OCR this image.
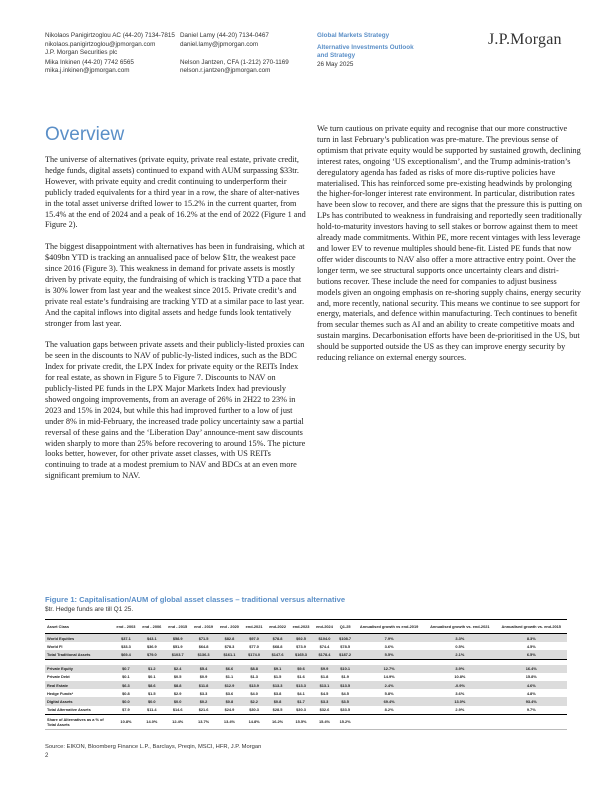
Nikolaos Panigirtzoglou AC (44-20) 7134-7815
nikolaos.panigirtzoglou@jpmorgan.com
J.P. Morgan Securities plc
Mika Inkinen (44-20) 7742 6565
mika.j.inkinen@jpmorgan.com
Daniel Lamy (44-20) 7134-0467
daniel.lamy@jpmorgan.com
Nelson Jantzen, CFA (1-212) 270-1169
nelson.r.jantzen@jpmorgan.com
Global Markets Strategy
Alternative Investments Outlook
and Strategy
26 May 2025
J.P.Morgan
Overview

The universe of alternatives (private equity, private real estate, private credit, hedge funds, digital assets) continued to expand with AUM surpassing $33tr. However, with private equity and credit continuing to underperform their publicly traded equivalents for a third year in a row, the share of alter-natives in the total asset universe drifted lower to 15.2% in the current quarter, from 15.4% at the end of 2024 and a peak of 16.2% at the end of 2022 (Figure 1 and Figure 2).

The biggest disappointment with alternatives has been in fundraising, which at $409bn YTD is tracking an annualised pace of below $1tr, the weakest pace since 2016 (Figure 3). This weakness in demand for private assets is mostly driven by private equity, the fundraising of which is tracking YTD a pace that is 30% lower from last year and the weakest since 2015. Private credit’s and private real estate’s fundraising are tracking YTD at a similar pace to last year. And the capital inflows into digital assets and hedge funds look tentatively stronger from last year.

The valuation gaps between private assets and their publicly-listed proxies can be seen in the discounts to NAV of public-ly-listed indices, such as the BDC Index for private credit, the LPX Index for private equity or the REITs Index for real estate, as shown in Figure 5 to Figure 7. Discounts to NAV on publicly-listed PE funds in the LPX Major Markets Index had previously showed ongoing improvements, from an average of 26% in 2H22 to 23% in 2023 and 15% in 2024, but while this had improved further to a low of just under 8% in mid-February, the increased trade policy uncertainty saw a partial reversal of these gains and the ‘Liberation Day’ announce-ment saw discounts widen sharply to more than 25% before recovering to around 15%. The picture looks better, however, for other private asset classes, with US REITs continuing to trade at a modest premium to NAV and BDCs at an even more significant premium to NAV.

We turn cautious on private equity and recognise that our more constructive turn in last February’s publication was pre-mature. The previous sense of optimism that private equity would be supported by sustained growth, declining interest rates, ongoing ‘US exceptionalism’, and the Trump adminis-tration’s deregulatory agenda has faded as risks of more dis-ruptive policies have materialised. This has reinforced some pre-existing headwinds by prolonging the higher-for-longer interest rate environment. In particular, distribution rates have been slow to recover, and there are signs that the pressure this is putting on LPs has contributed to weakness in fundraising and reportedly seen traditionally hold-to-maturity investors having to sell stakes or borrow against them to meet already made commitments. Within PE, more recent vintages with less leverage and lower EV to revenue multiples should bene-fit. Listed PE funds that now offer wider discounts to NAV also offer a more attractive entry point. Over the longer term, we see structural supports once uncertainty clears and distri-butions recover. These include the need for companies to adjust business models given an ongoing emphasis on re-shoring supply chains, energy security and, more recently, national security. This means we continue to see support for energy, materials, and defence within manufacturing. Tech continues to benefit from secular themes such as AI and an ability to create competitive moats and sustain margins. Decarbonisation efforts have been de-prioritised in the US, but should be supported outside the US as they can improve energy security by reducing reliance on external energy sources.

Figure 1: Capitalisation/AUM of global asset classes – traditional versus alternative
$tr. Hedge funds are till Q1 25.
Asset Class	end - 2003	end - 2006	end - 2015	end - 2019	end - 2020	end-2021	end-2022	end-2023	end-2024	Q1-25	Annualised growth vs end-2019	Annualised growth vs. end-2021	Annualised growth vs. end-2015
World Equities	$37.1	$43.1	$58.9	$71.5	$82.8	$97.0	$78.8	$92.5	$104.0	$108.7	7.9%	3.3%	8.3%
World FI	$33.3	$36.9	$51.9	$64.8	$78.3	$77.0	$68.8	$73.9	$74.4	$78.5	3.6%	0.5%	4.5%
Total Traditional Assets	$69.4	$79.0	$103.7	$136.3	$161.1	$174.0	$147.6	$165.3	$178.4	$187.2	5.5%	2.1%	6.5%

Private Equity	$0.7	$1.2	$2.4	$5.4	$6.6	$8.8	$9.1	$9.6	$9.9	$10.1	12.7%	3.9%	16.4%
Private Debt	$0.1	$0.1	$0.5	$0.9	$1.1	$1.3	$1.5	$1.6	$1.8	$1.9	14.9%	10.8%	15.8%
Real Estate	$6.3	$8.6	$8.8	$11.8	$12.9	$13.9	$13.3	$13.3	$13.1	$13.5	2.4%	-0.9%	4.6%
Hedge Funds*	$0.8	$1.5	$2.9	$3.3	$3.6	$4.0	$3.8	$4.1	$4.5	$4.5	5.8%	3.6%	4.8%
Digital Assets	$0.0	$0.0	$0.0	$0.2	$0.8	$2.2	$0.8	$1.7	$3.3	$3.5	69.4%	13.0%	93.4%
Total Alternative Assets	$7.9	$11.4	$14.6	$21.6	$24.9	$30.3	$28.5	$30.3	$32.6	$33.5	8.2%	2.9%	9.7%
Share of Alternatives as a % of Total Assets	10.8%	14.0%	12.4%	13.7%	13.4%	14.8%	16.2%	15.5%	15.4%	15.2%			
Source: EIKON, Bloomberg Finance L.P., Barclays, Preqin, MSCI, HFR, J.P. Morgan
2
